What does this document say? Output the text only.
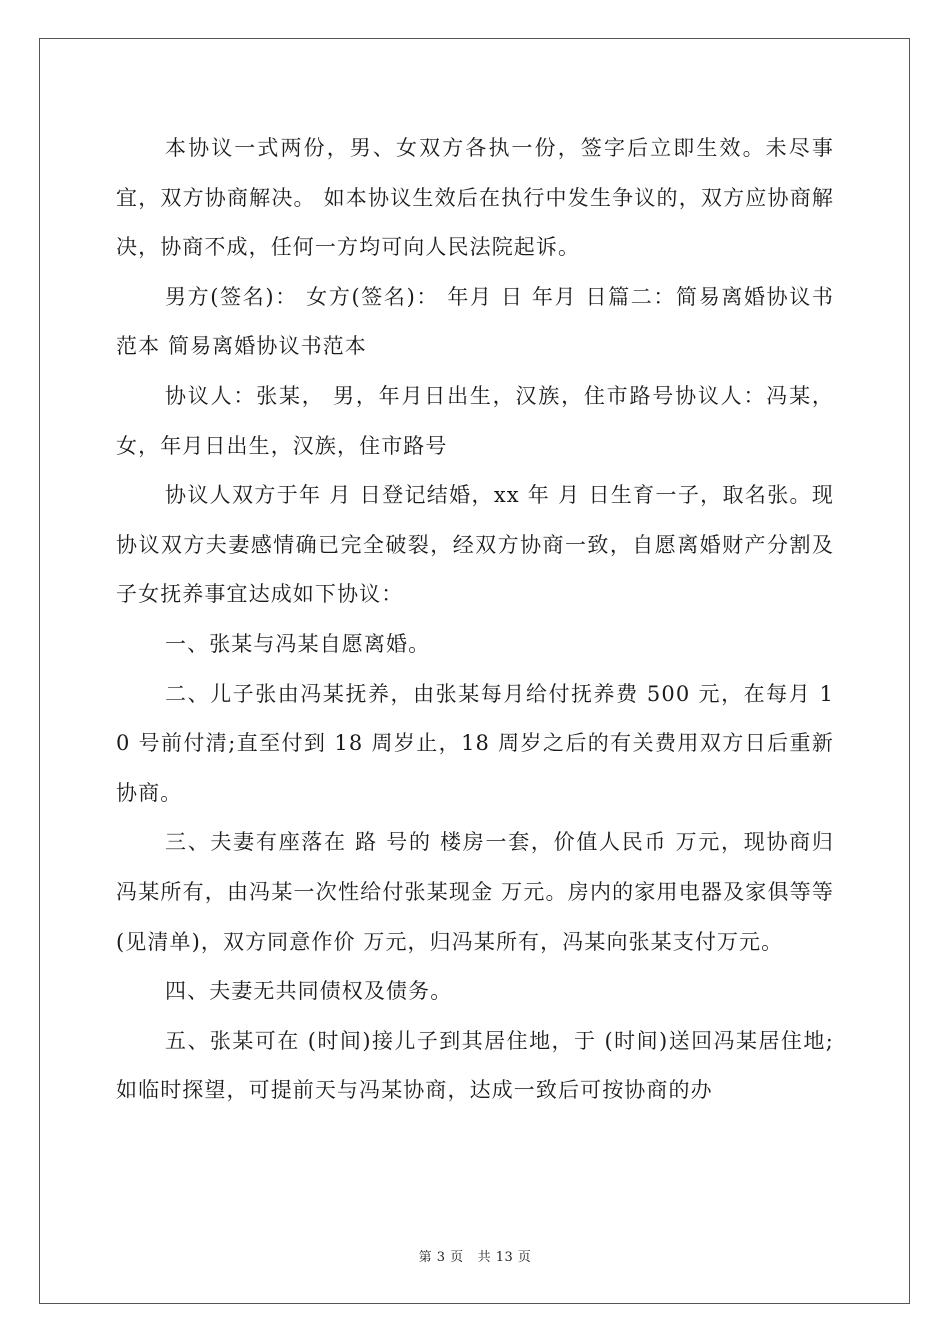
本协议一式两份，男、女双方各执一份，签字后立即生效。未尽事宜，双方协商解决。 如本协议生效后在执行中发生争议的，双方应协商解决，协商不成，任何一方均可向人民法院起诉。

男方(签名)： 女方(签名)： 年月 日 年月 日篇二：简易离婚协议书范本 简易离婚协议书范本

协议人：张某， 男，年月日出生，汉族，住市路号协议人：冯某， 女，年月日出生，汉族，住市路号

协议人双方于年 月 日登记结婚，xx 年 月 日生育一子，取名张。现协议双方夫妻感情确已完全破裂，经双方协商一致，自愿离婚财产分割及子女抚养事宜达成如下协议：

一、张某与冯某自愿离婚。

二、儿子张由冯某抚养，由张某每月给付抚养费 500 元，在每月 10 号前付清;直至付到 18 周岁止，18 周岁之后的有关费用双方日后重新协商。

三、夫妻有座落在 路 号的 楼房一套，价值人民币 万元，现协商归冯某所有，由冯某一次性给付张某现金 万元。房内的家用电器及家俱等等(见清单)，双方同意作价 万元，归冯某所有，冯某向张某支付万元。

四、夫妻无共同债权及债务。

五、张某可在 (时间)接儿子到其居住地，于 (时间)送回冯某居住地;如临时探望，可提前天与冯某协商，达成一致后可按协商的办

第 3 页 共 13 页
